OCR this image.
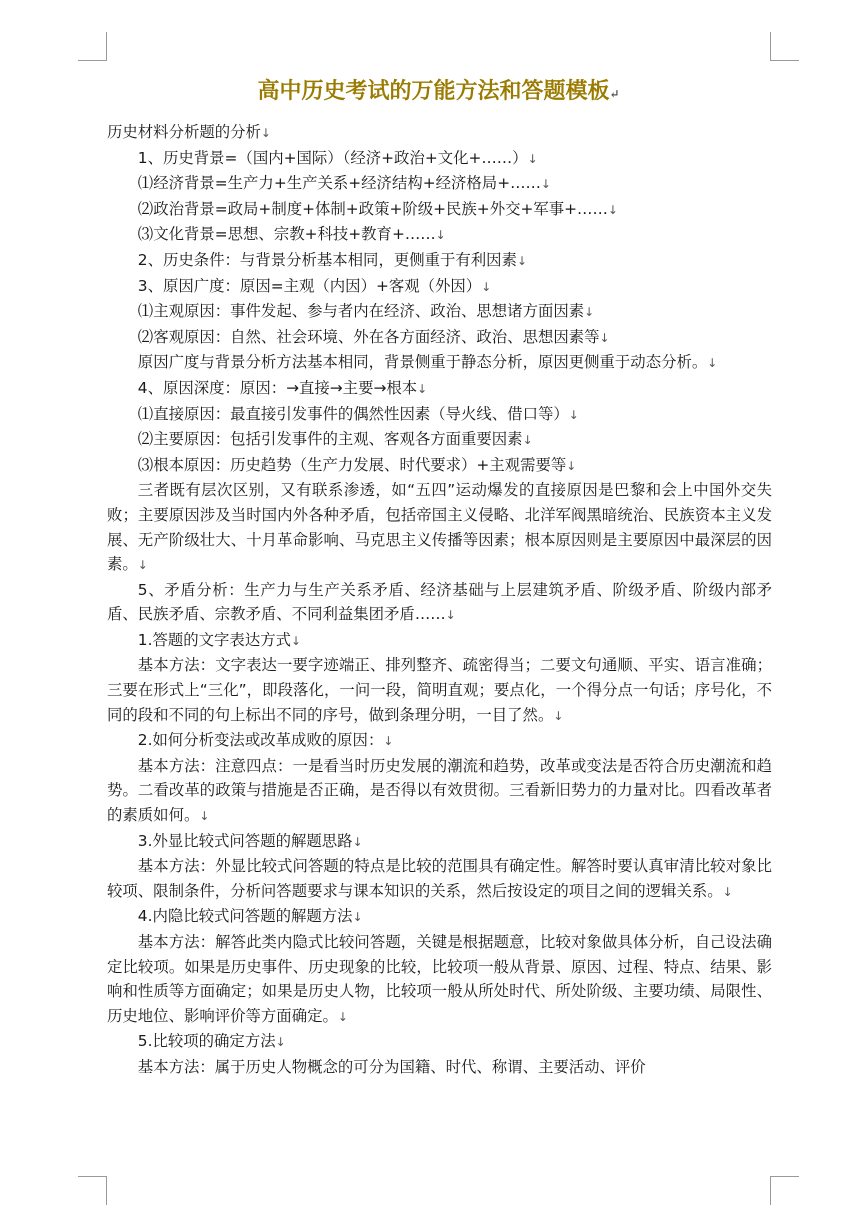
高中历史考试的万能方法和答题模板↵

历史材料分析题的分析↓

1、历史背景=（国内+国际）（经济+政治+文化+……）↓

⑴经济背景=生产力+生产关系+经济结构+经济格局+……↓

⑵政治背景=政局+制度+体制+政策+阶级+民族+外交+军事+……↓

⑶文化背景=思想、宗教+科技+教育+……↓

2、历史条件：与背景分析基本相同，更侧重于有利因素↓

3、原因广度：原因=主观（内因）+客观（外因）↓

⑴主观原因：事件发起、参与者内在经济、政治、思想诸方面因素↓

⑵客观原因：自然、社会环境、外在各方面经济、政治、思想因素等↓

原因广度与背景分析方法基本相同，背景侧重于静态分析，原因更侧重于动态分析。↓

4、原因深度：原因：→直接→主要→根本↓

⑴直接原因：最直接引发事件的偶然性因素（导火线、借口等）↓

⑵主要原因：包括引发事件的主观、客观各方面重要因素↓

⑶根本原因：历史趋势（生产力发展、时代要求）+主观需要等↓

三者既有层次区别，又有联系渗透，如“五四”运动爆发的直接原因是巴黎和会上中国外交失败；主要原因涉及当时国内外各种矛盾，包括帝国主义侵略、北洋军阀黑暗统治、民族资本主义发展、无产阶级壮大、十月革命影响、马克思主义传播等因素；根本原因则是主要原因中最深层的因素。↓

5、矛盾分析：生产力与生产关系矛盾、经济基础与上层建筑矛盾、阶级矛盾、阶级内部矛盾、民族矛盾、宗教矛盾、不同利益集团矛盾……↓

1.答题的文字表达方式↓

基本方法：文字表达一要字迹端正、排列整齐、疏密得当；二要文句通顺、平实、语言准确；三要在形式上“三化”，即段落化，一问一段，简明直观；要点化，一个得分点一句话；序号化，不同的段和不同的句上标出不同的序号，做到条理分明，一目了然。↓

2.如何分析变法或改革成败的原因：↓

基本方法：注意四点：一是看当时历史发展的潮流和趋势，改革或变法是否符合历史潮流和趋势。二看改革的政策与措施是否正确，是否得以有效贯彻。三看新旧势力的力量对比。四看改革者的素质如何。↓

3.外显比较式问答题的解题思路↓

基本方法：外显比较式问答题的特点是比较的范围具有确定性。解答时要认真审清比较对象比较项、限制条件，分析问答题要求与课本知识的关系，然后按设定的项目之间的逻辑关系。↓

4.内隐比较式问答题的解题方法↓

基本方法：解答此类内隐式比较问答题，关键是根据题意，比较对象做具体分析，自己设法确定比较项。如果是历史事件、历史现象的比较，比较项一般从背景、原因、过程、特点、结果、影响和性质等方面确定；如果是历史人物，比较项一般从所处时代、所处阶级、主要功绩、局限性、历史地位、影响评价等方面确定。↓

5.比较项的确定方法↓

基本方法：属于历史人物概念的可分为国籍、时代、称谓、主要活动、评价
